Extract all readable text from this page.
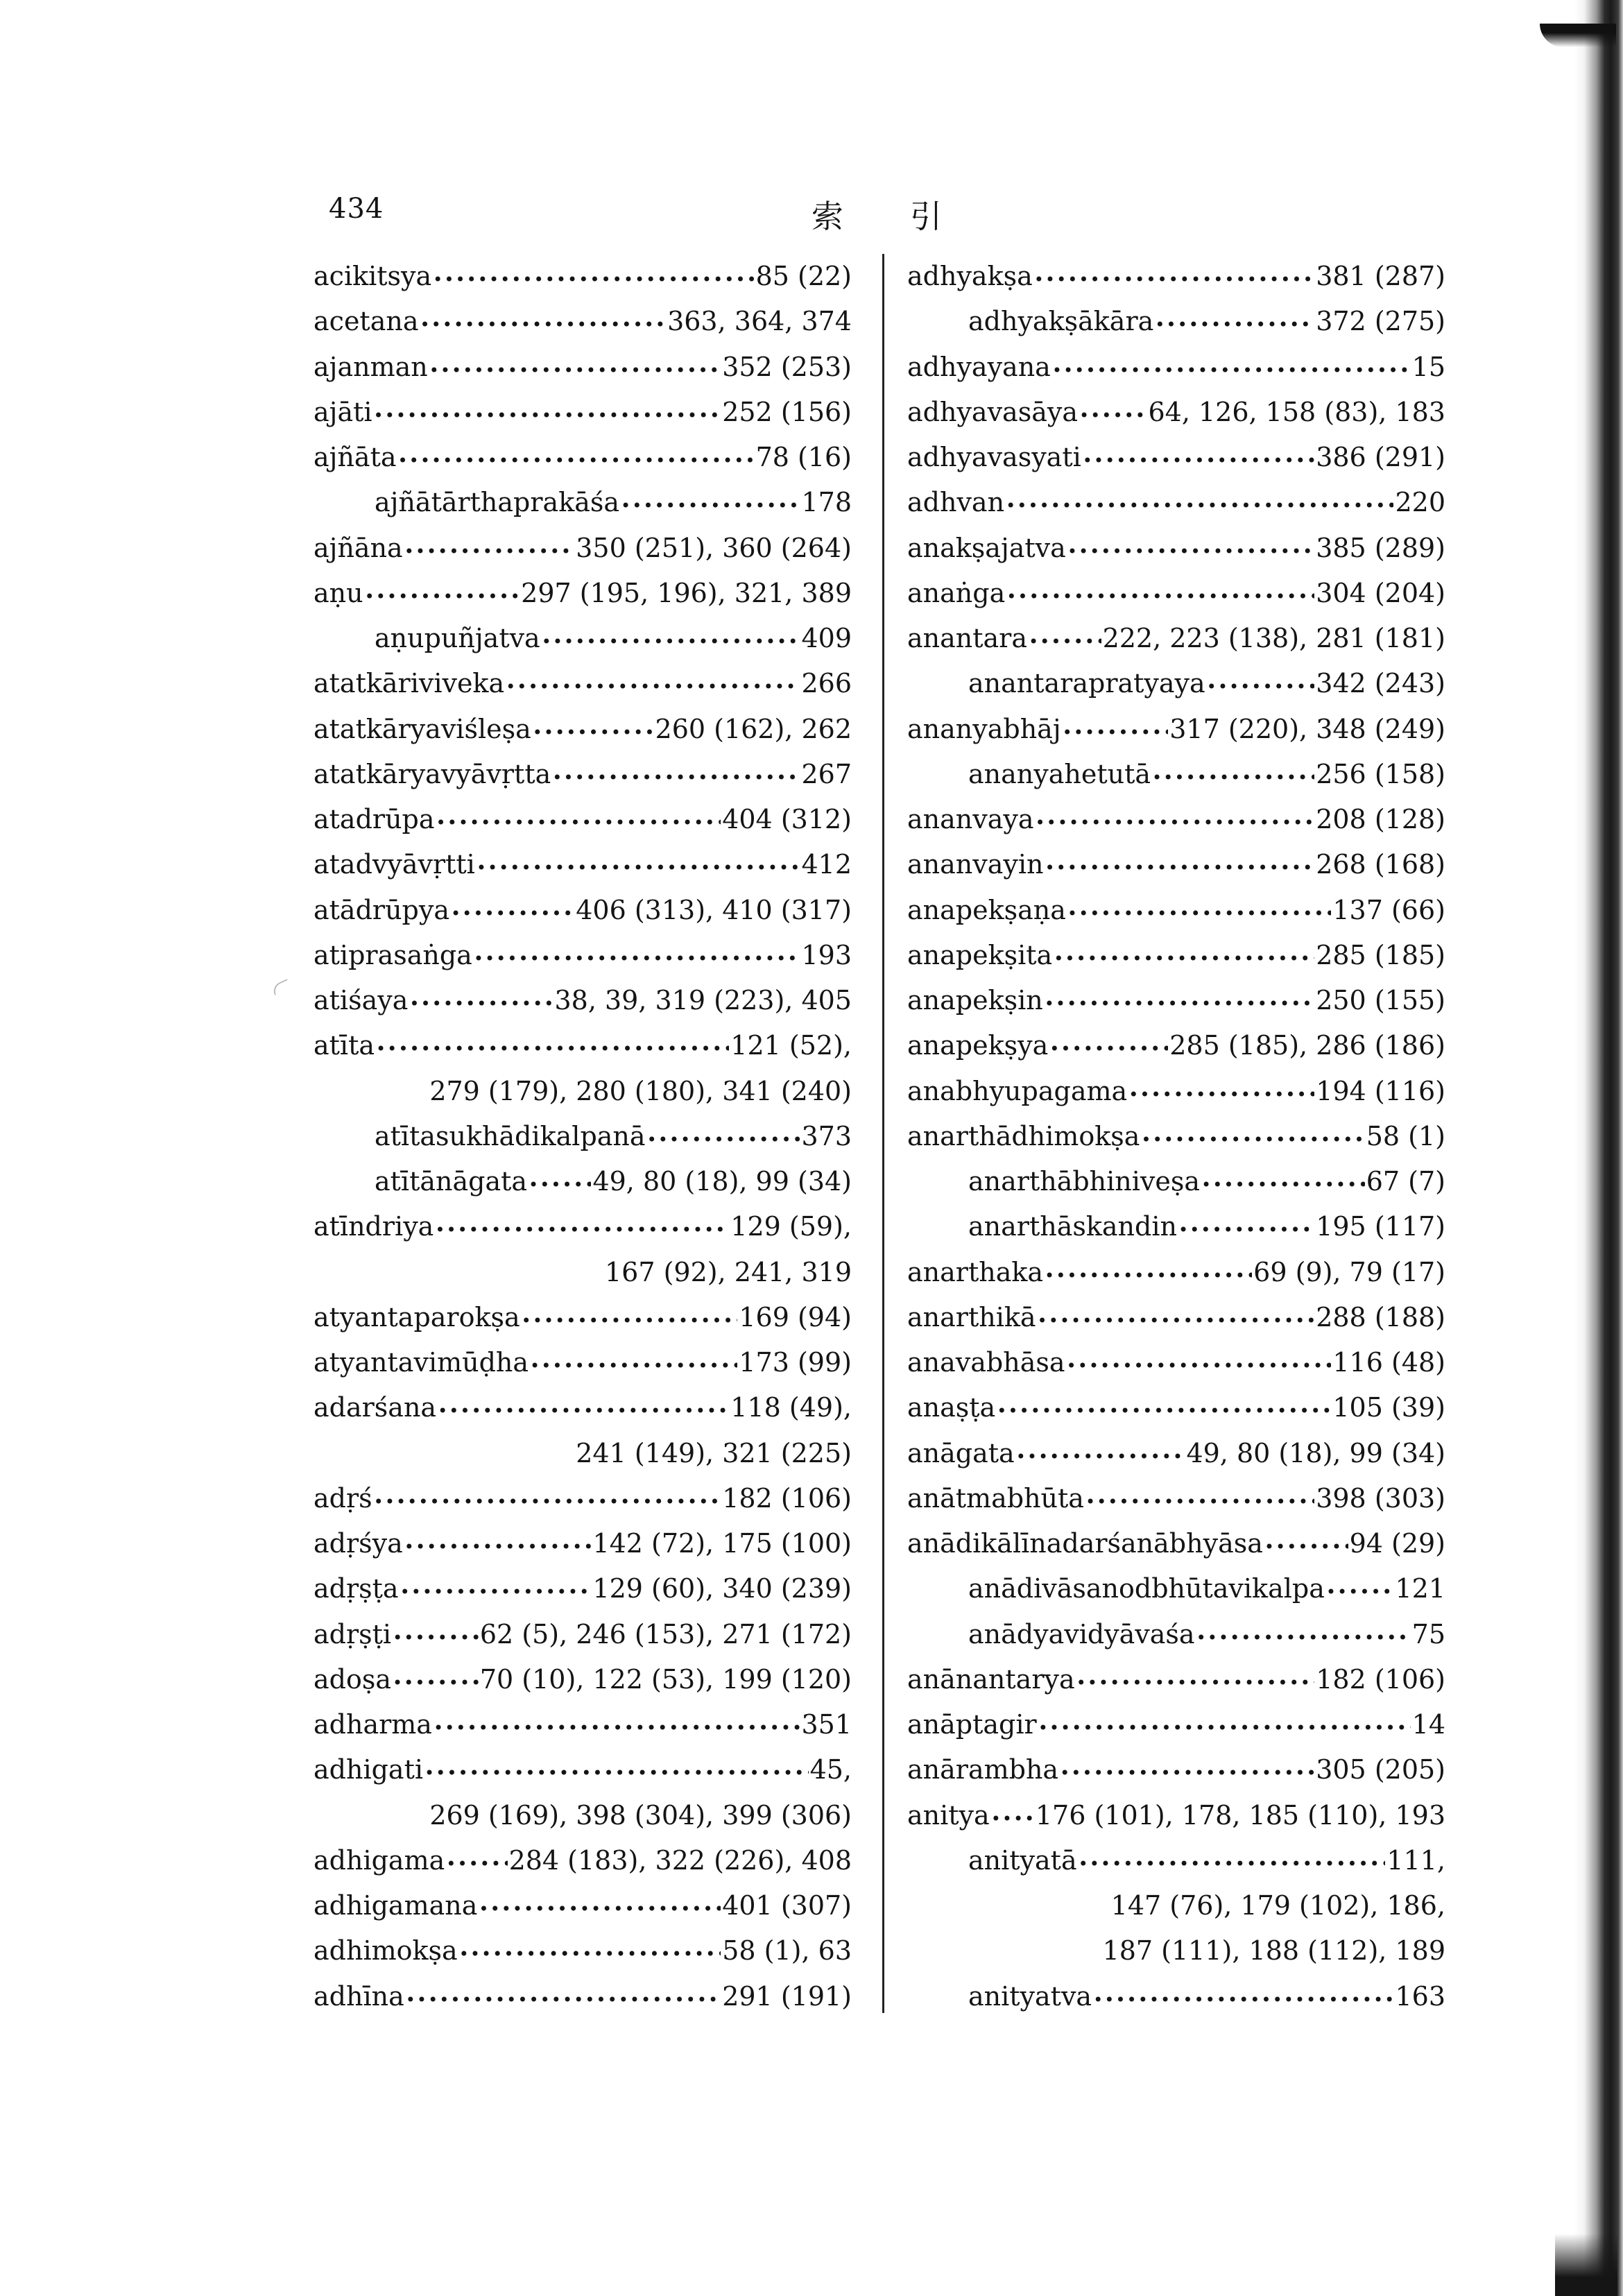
434	索 引
acikitsya •••••	85 (22)
acetana •••••	363, 364, 374
ajanman •••••	352 (253)
ajāti •••••	252 (156)
ajñāta •••••	78 (16)
ajñātārthaprakāśa •••••	178
ajñāna •••••	350 (251), 360 (264)
aṇu •••••	297 (195, 196), 321, 389
aṇupuñjatva •••••	409
atatkāriviveka •••••	266
atatkāryaviśleṣa •••••	260 (162), 262
atatkāryavyāvṛtta •••••	267
atadrūpa •••••	404 (312)
atadvyāvṛtti •••••	412
atādrūpya •••••	406 (313), 410 (317)
atiprasaṅga •••••	193
atiśaya •••••	38, 39, 319 (223), 405
atīta •••••	121 (52),
279 (179), 280 (180), 341 (240)
atītasukhādikalpanā •••••	373
atītānāgata ••••• 49, 80 (18), 99 (34)
atīndriya •••••	129 (59),
167 (92), 241, 319
atyantaparokṣa •••••	169 (94)
atyantavimūḍha •••••	173 (99)
adarśana •••••	118 (49),
241 (149), 321 (225)
adṛś •••••	182 (106)
adṛśya •••••	142 (72), 175 (100)
adṛṣṭa •••••	129 (60), 340 (239)
adṛṣṭi •••••	62 (5), 246 (153), 271 (172)
adoṣa •••••	70 (10), 122 (53), 199 (120)
adharma •••••	351
adhigati •••••	45,
269 (169), 398 (304), 399 (306)
adhigama ••••• 284 (183), 322 (226), 408
adhigamana •••••	401 (307)
adhimokṣa •••••	58 (1), 63
adhīna •••••	291 (191)
adhyakṣa •••••	381 (287)
adhyakṣākāra •••••	372 (275)
adhyayana •••••	15
adhyavasāya •••••	64, 126, 158 (83), 183
adhyavasyati •••••	386 (291)
adhvan •••••	220
anakṣajatva •••••	385 (289)
anaṅga •••••	304 (204)
anantara •••••	222, 223 (138), 281 (181)
anantarapratyaya •••••	342 (243)
ananyabhāj •••••	317 (220), 348 (249)
ananyahetutā •••••	256 (158)
ananvaya •••••	208 (128)
ananvayin •••••	268 (168)
anapekṣaṇa •••••	137 (66)
anapekṣita •••••	285 (185)
anapekṣin •••••	250 (155)
anapekṣya •••••	285 (185), 286 (186)
anabhyupagama •••••	194 (116)
anarthādhimokṣa •••••	58 (1)
anarthābhiniveṣa •••••	67 (7)
anarthāskandin •••••	195 (117)
anarthaka •••••	69 (9), 79 (17)
anarthikā •••••	288 (188)
anavabhāsa •••••	116 (48)
anaṣṭa •••••	105 (39)
anāgata •••••	49, 80 (18), 99 (34)
anātmabhūta •••••	398 (303)
anādikālīnadarśanābhyāsa •••••	94 (29)
anādivāsanodbhūtavikalpa •••••	121
anādyavidyāvaśa •••••	75
anānantarya •••••	182 (106)
anāptagir •••••	14
anārambha •••••	305 (205)
anitya ••••• 176 (101), 178, 185 (110), 193
anityatā •••••	111,
147 (76), 179 (102), 186,
187 (111), 188 (112), 189
anityatva •••••	163
